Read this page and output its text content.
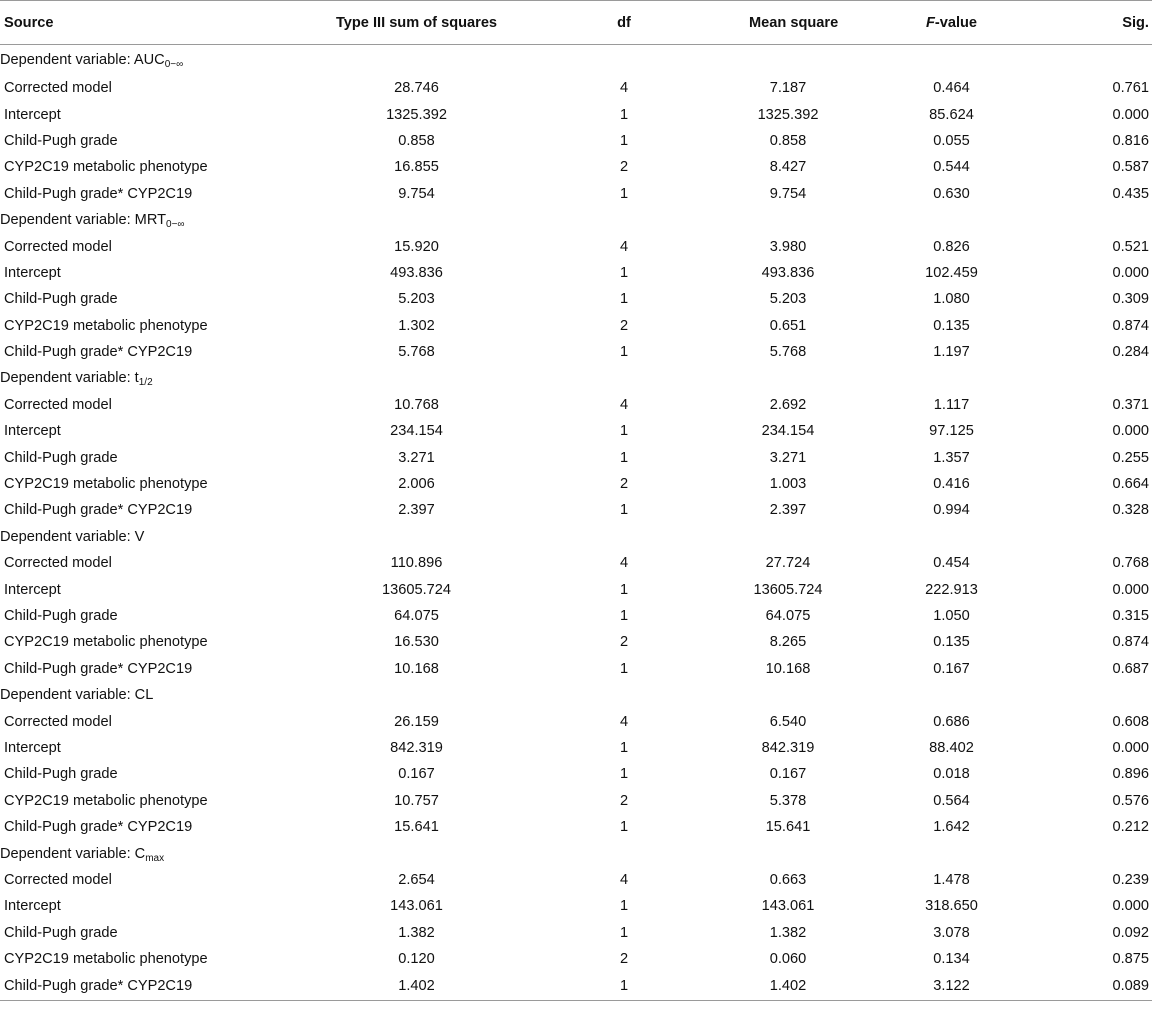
Source	Type III sum of squares	df	Mean square	F-value	Sig.
Dependent variable: $AUC_{0-\infty}$
Corrected model	28.746	4	7.187	0.464	0.761
Intercept	1325.392	1	1325.392	85.624	0.000
Child-Pugh grade	0.858	1	0.858	0.055	0.816
CYP2C19 metabolic phenotype	16.855	2	8.427	0.544	0.587
Child-Pugh grade* CYP2C19	9.754	1	9.754	0.630	0.435
Dependent variable: $MRT_{0-\infty}$
Corrected model	15.920	4	3.980	0.826	0.521
Intercept	493.836	1	493.836	102.459	0.000
Child-Pugh grade	5.203	1	5.203	1.080	0.309
CYP2C19 metabolic phenotype	1.302	2	0.651	0.135	0.874
Child-Pugh grade* CYP2C19	5.768	1	5.768	1.197	0.284
Dependent variable: $t_{1/2}$
Corrected model	10.768	4	2.692	1.117	0.371
Intercept	234.154	1	234.154	97.125	0.000
Child-Pugh grade	3.271	1	3.271	1.357	0.255
CYP2C19 metabolic phenotype	2.006	2	1.003	0.416	0.664
Child-Pugh grade* CYP2C19	2.397	1	2.397	0.994	0.328
Dependent variable: V					
Corrected model	110.896	4	27.724	0.454	0.768
Intercept	13605.724	1	13605.724	222.913	0.000
Child-Pugh grade	64.075	1	64.075	1.050	0.315
CYP2C19 metabolic phenotype	16.530	2	8.265	0.135	0.874
Child-Pugh grade* CYP2C19	10.168	1	10.168	0.167	0.687
Dependent variable: CL					
Corrected model	26.159	4	6.540	0.686	0.608
Intercept	842.319	1	842.319	88.402	0.000
Child-Pugh grade	0.167	1	0.167	0.018	0.896
CYP2C19 metabolic phenotype	10.757	2	5.378	0.564	0.576
Child-Pugh grade* CYP2C19	15.641	1	15.641	1.642	0.212
Dependent variable: $C_{max}$
Corrected model	2.654	4	0.663	1.478	0.239
Intercept	143.061	1	143.061	318.650	0.000
Child-Pugh grade	1.382	1	1.382	3.078	0.092
CYP2C19 metabolic phenotype	0.120	2	0.060	0.134	0.875
Child-Pugh grade* CYP2C19	1.402	1	1.402	3.122	0.089
